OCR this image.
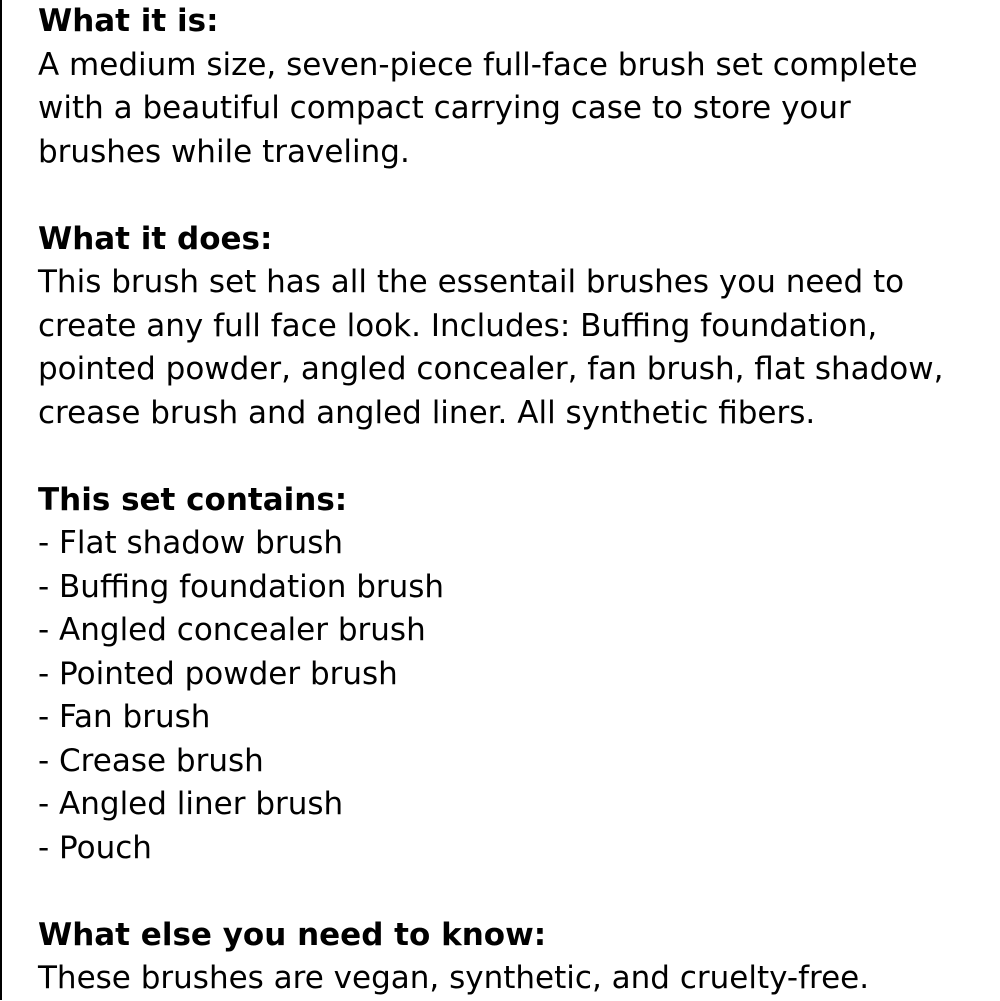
What it is:
A medium size, seven-piece full-face brush set complete
with a beautiful compact carrying case to store your
brushes while traveling.
What it does:
This brush set has all the essentail brushes you need to
create any full face look. Includes: Buffing foundation,
pointed powder, angled concealer, fan brush, flat shadow,
crease brush and angled liner. All synthetic fibers.
This set contains:
- Flat shadow brush
- Buffing foundation brush
- Angled concealer brush
- Pointed powder brush
- Fan brush
- Crease brush
- Angled liner brush
- Pouch
What else you need to know:
These brushes are vegan, synthetic, and cruelty-free.
